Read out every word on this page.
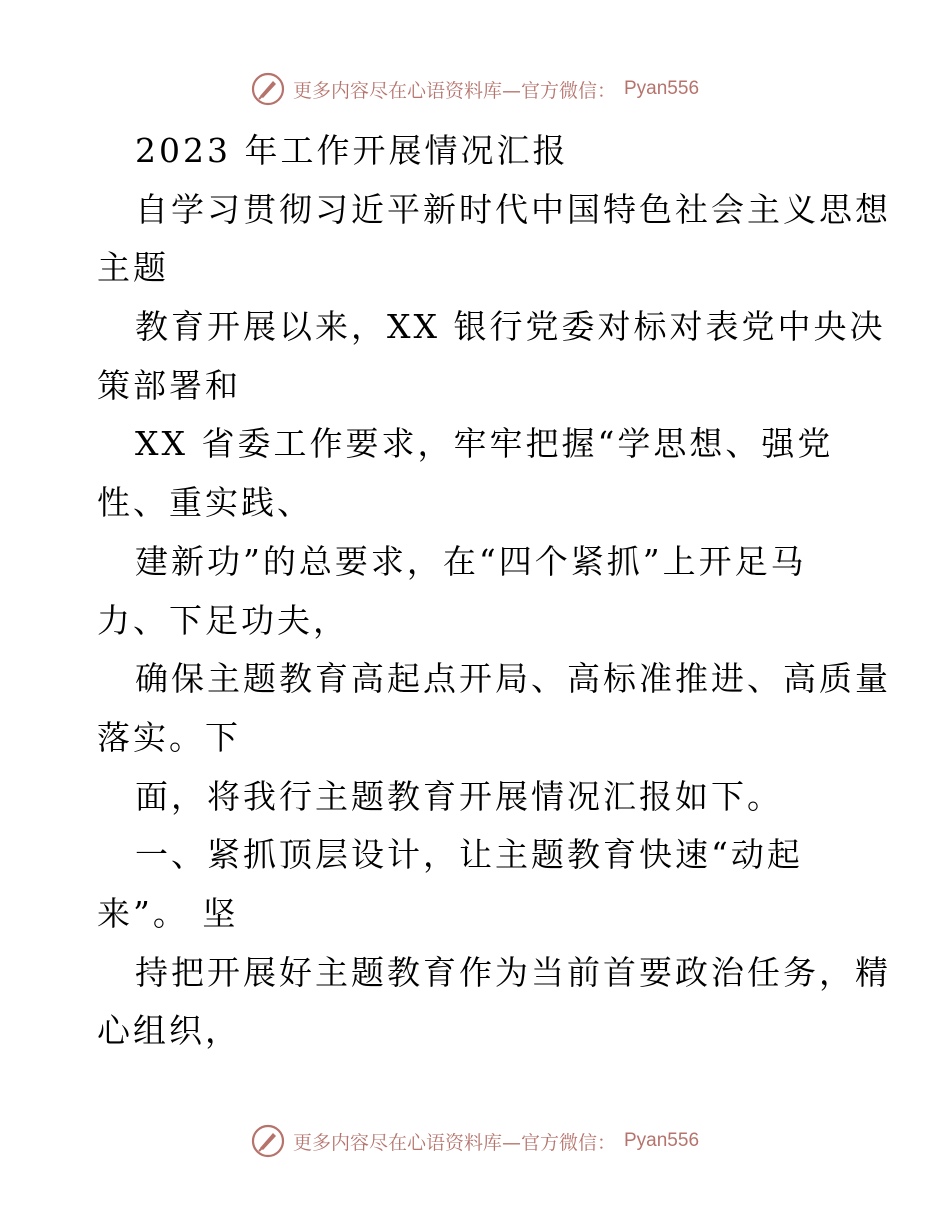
更多内容尽在心语资料库—官方微信： Pyan556
2023 年工作开展情况汇报
自学习贯彻习近平新时代中国特色社会主义思想
主题
教育开展以来，XX 银行党委对标对表党中央决
策部署和
XX 省委工作要求，牢牢把握“学思想、强党
性、重实践、
建新功”的总要求，在“四个紧抓”上开足马
力、下足功夫，
确保主题教育高起点开局、高标准推进、高质量
落实。下
面，将我行主题教育开展情况汇报如下。
一、紧抓顶层设计，让主题教育快速“动起
来”。 坚
持把开展好主题教育作为当前首要政治任务，精
心组织，
更多内容尽在心语资料库—官方微信： Pyan556
